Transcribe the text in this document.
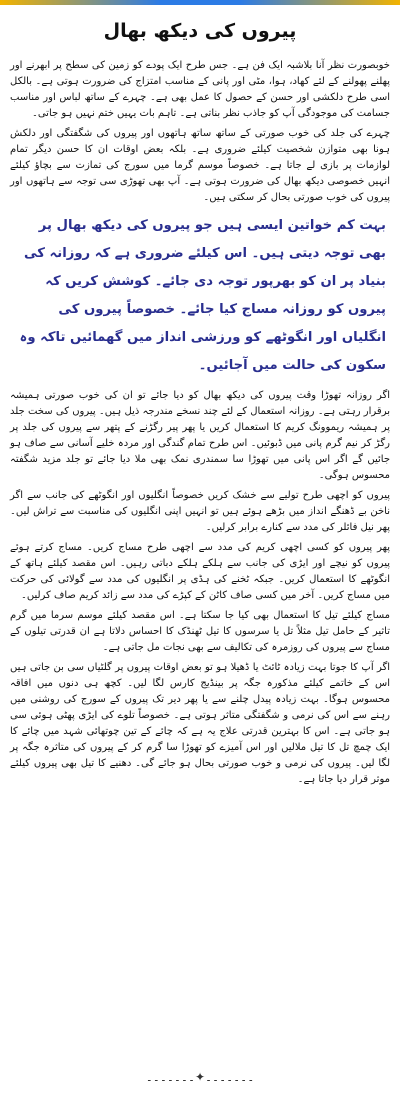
پیروں کی دیکھ بھال

خوبصورت نظر آنا بلاشبہ ایک فن ہے۔ جس طرح ایک پودے کو زمین کی سطح پر ابھرنے اور پھلنے پھولنے کے لئے کھاد، ہوا، مٹی اور پانی کے مناسب امتزاج کی ضرورت ہوتی ہے۔ بالکل اسی طرح دلکشی اور حسن کے حصول کا عمل بھی ہے۔ چہرے کے ساتھ لباس اور مناسب جسامت کی موجودگی آپ کو جاذب نظر بناتی ہے۔ تاہم بات یہیں ختم نہیں ہو جاتی۔

چہرے کی جلد کی خوب صورتی کے ساتھ ساتھ ہاتھوں اور پیروں کی شگفتگی اور دلکش ہونا بھی متوازن شخصیت کیلئے ضروری ہے۔ بلکہ بعض اوقات ان کا حسن دیگر تمام لوازمات پر بازی لے جاتا ہے۔ خصوصاً موسم گرما میں سورج کی تمازت سے بچاؤ کیلئے انہیں خصوصی دیکھ بھال کی ضرورت ہوتی ہے۔ آپ بھی تھوڑی سی توجہ سے ہاتھوں اور پیروں کی خوب صورتی بحال کر سکتی ہیں۔

بہت کم خواتین ایسی ہیں جو پیروں کی دیکھ بھال پر بھی توجہ دیتی ہیں۔ اس کیلئے ضروری ہے کہ روزانہ کی بنیاد پر ان کو بھرپور توجہ دی جائے۔ کوشش کریں کہ پیروں کو روزانہ مساج کیا جائے۔ خصوصاً پیروں کی انگلیاں اور انگوٹھے کو ورزشی انداز میں گھمائیں تاکہ وہ سکون کی حالت میں آجائیں۔

اگر روزانہ تھوڑا وقت پیروں کی دیکھ بھال کو دیا جائے تو ان کی خوب صورتی ہمیشہ برقرار رہتی ہے۔ روزانہ استعمال کے لئے چند نسخے مندرجہ ذیل ہیں۔ پیروں کی سخت جلد پر ہمیشہ ریموونگ کریم کا استعمال کریں یا پھر پیر رگڑنے کے پتھر سے پیروں کی جلد پر رگڑ کر نیم گرم پانی میں ڈبوئیں۔ اس طرح تمام گندگی اور مردہ خلیے آسانی سے صاف ہو جائیں گے اگر اس پانی میں تھوڑا سا سمندری نمک بھی ملا دیا جائے تو جلد مزید شگفتہ محسوس ہوگی۔

پیروں کو اچھی طرح تولیے سے خشک کریں خصوصاً انگلیوں اور انگوٹھے کی جانب سے اگر ناخن بے ڈھنگے انداز میں بڑھے ہوئے ہیں تو انہیں اپنی انگلیوں کی مناسبت سے تراش لیں۔ پھر نیل فائلر کی مدد سے کنارے برابر کرلیں۔

پھر پیروں کو کسی اچھی کریم کی مدد سے اچھی طرح مساج کریں۔ مساج کرتے ہوئے پیروں کو نیچے اور ایڑی کی جانب سے ہلکے ہلکے دباتی رہیں۔ اس مقصد کیلئے ہاتھ کے انگوٹھے کا استعمال کریں۔ جبکہ ٹخنے کی ہڈی پر انگلیوں کی مدد سے گولائی کی حرکت میں مساج کریں۔ آخر میں کسی صاف کاٹن کے کپڑے کی مدد سے زائد کریم صاف کرلیں۔

مساج کیلئے تیل کا استعمال بھی کیا جا سکتا ہے۔ اس مقصد کیلئے موسم سرما میں گرم تاثیر کے حامل تیل مثلاً تل یا سرسوں کا تیل ٹھنڈک کا احساس دلاتا ہے ان قدرتی تیلوں کے مساج سے پیروں کی روزمرہ کی تکالیف سے بھی نجات مل جاتی ہے۔

اگر آپ کا جوتا بہت زیادہ ٹائٹ یا ڈھیلا ہو تو بعض اوقات پیروں پر گلٹیاں سی بن جاتی ہیں اس کے خاتمے کیلئے مذکورہ جگہ پر بینڈیج کارس لگا لیں۔ کچھ ہی دنوں میں افاقہ محسوس ہوگا۔ بہت زیادہ پیدل چلنے سے یا پھر دیر تک پیروں کے سورج کی روشنی میں رہنے سے اس کی نرمی و شگفتگی متاثر ہوتی ہے۔ خصوصاً تلوے کی ایڑی پھٹی ہوئی سی ہو جاتی ہے۔ اس کا بہترین قدرتی علاج یہ ہے کہ چائے کے تین چوتھائی شہد میں چائے کا ایک چمچ تل کا تیل ملالیں اور اس آمیزے کو تھوڑا سا گرم کر کے پیروں کی متاثرہ جگہ پر لگا لیں۔ پیروں کی نرمی و خوب صورتی بحال ہو جائے گی۔ دھنیے کا تیل بھی پیروں کیلئے موثر قرار دیا جاتا ہے۔

۔۔۔۔۔۔۔✦۔۔۔۔۔۔۔
